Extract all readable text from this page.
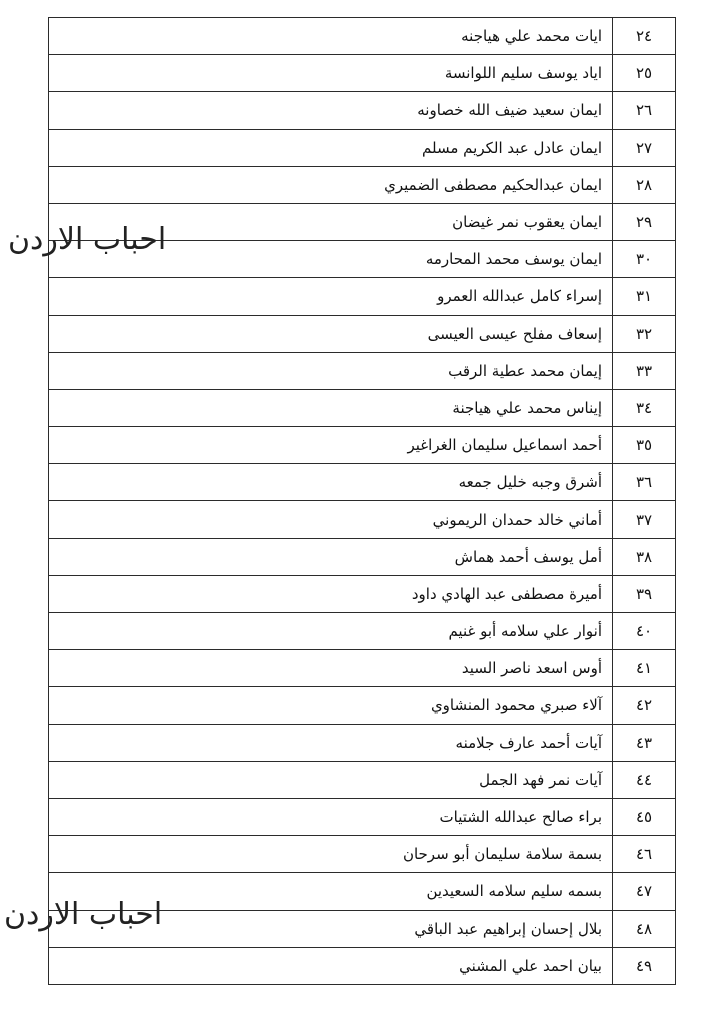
٢٤	ايات محمد علي هياجنه
٢٥	اياد يوسف سليم اللوانسة
٢٦	ايمان سعيد ضيف الله خصاونه
٢٧	ايمان عادل عبد الكريم مسلم
٢٨	ايمان عبدالحكيم مصطفى الضميري
٢٩	ايمان يعقوب نمر غيضان
٣٠	ايمان يوسف محمد المحارمه
٣١	إسراء كامل عبدالله العمرو
٣٢	إسعاف مفلح عيسى العيسى
٣٣	إيمان محمد عطية الرقب
٣٤	إيناس محمد علي هياجنة
٣٥	أحمد اسماعيل سليمان الغراغير
٣٦	أشرق وجبه خليل جمعه
٣٧	أماني خالد حمدان الريموني
٣٨	أمل يوسف أحمد هماش
٣٩	أميرة مصطفى عبد الهادي داود
٤٠	أنوار علي سلامه أبو غنيم
٤١	أوس اسعد ناصر السيد
٤٢	آلاء صبري محمود المنشاوي
٤٣	آيات أحمد عارف جلامنه
٤٤	آيات نمر فهد الجمل
٤٥	براء صالح عبدالله الشتيات
٤٦	بسمة سلامة سليمان أبو سرحان
٤٧	بسمه سليم سلامه السعيدين
٤٨	بلال إحسان إبراهيم عبد الباقي
٤٩	بيان احمد علي المشني
احباب الاردن
احباب الاردن
